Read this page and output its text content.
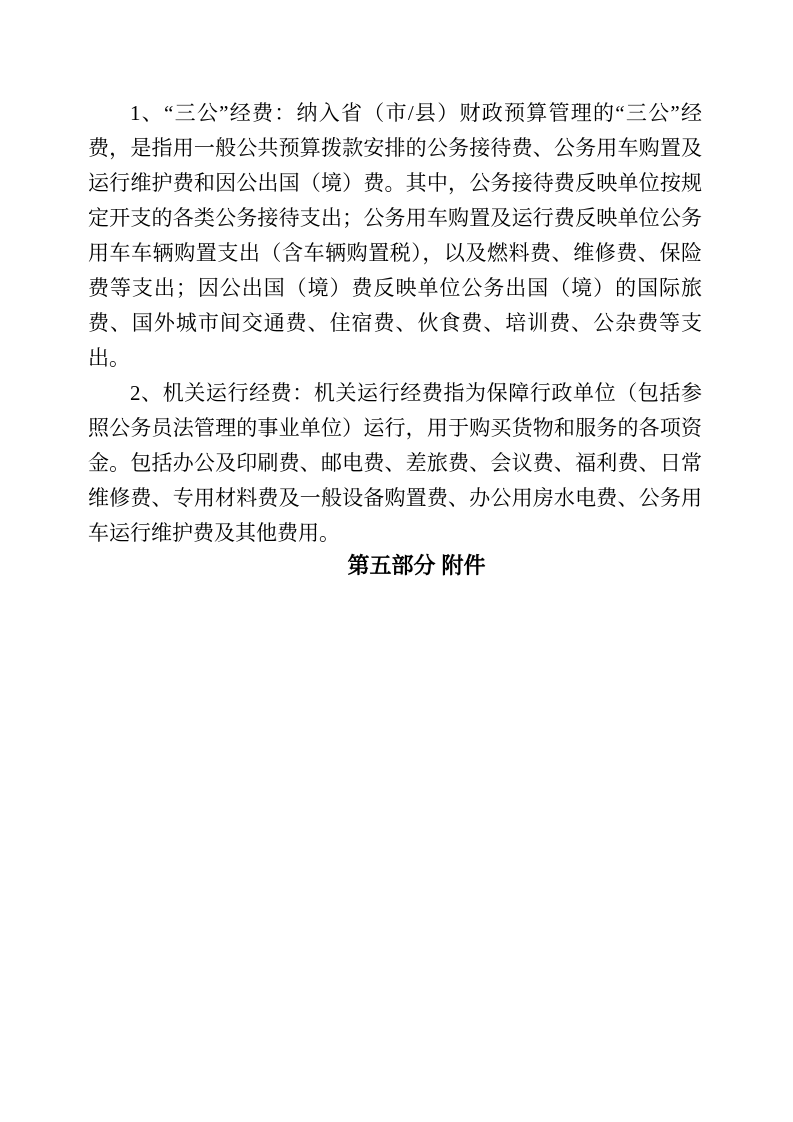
1、“三公”经费：纳入省（市/县）财政预算管理的“三公”经费，是指用一般公共预算拨款安排的公务接待费、公务用车购置及运行维护费和因公出国（境）费。其中，公务接待费反映单位按规定开支的各类公务接待支出；公务用车购置及运行费反映单位公务用车车辆购置支出（含车辆购置税），以及燃料费、维修费、保险费等支出；因公出国（境）费反映单位公务出国（境）的国际旅费、国外城市间交通费、住宿费、伙食费、培训费、公杂费等支出。

2、机关运行经费：机关运行经费指为保障行政单位（包括参照公务员法管理的事业单位）运行，用于购买货物和服务的各项资金。包括办公及印刷费、邮电费、差旅费、会议费、福利费、日常维修费、专用材料费及一般设备购置费、办公用房水电费、公务用车运行维护费及其他费用。

第五部分 附件
